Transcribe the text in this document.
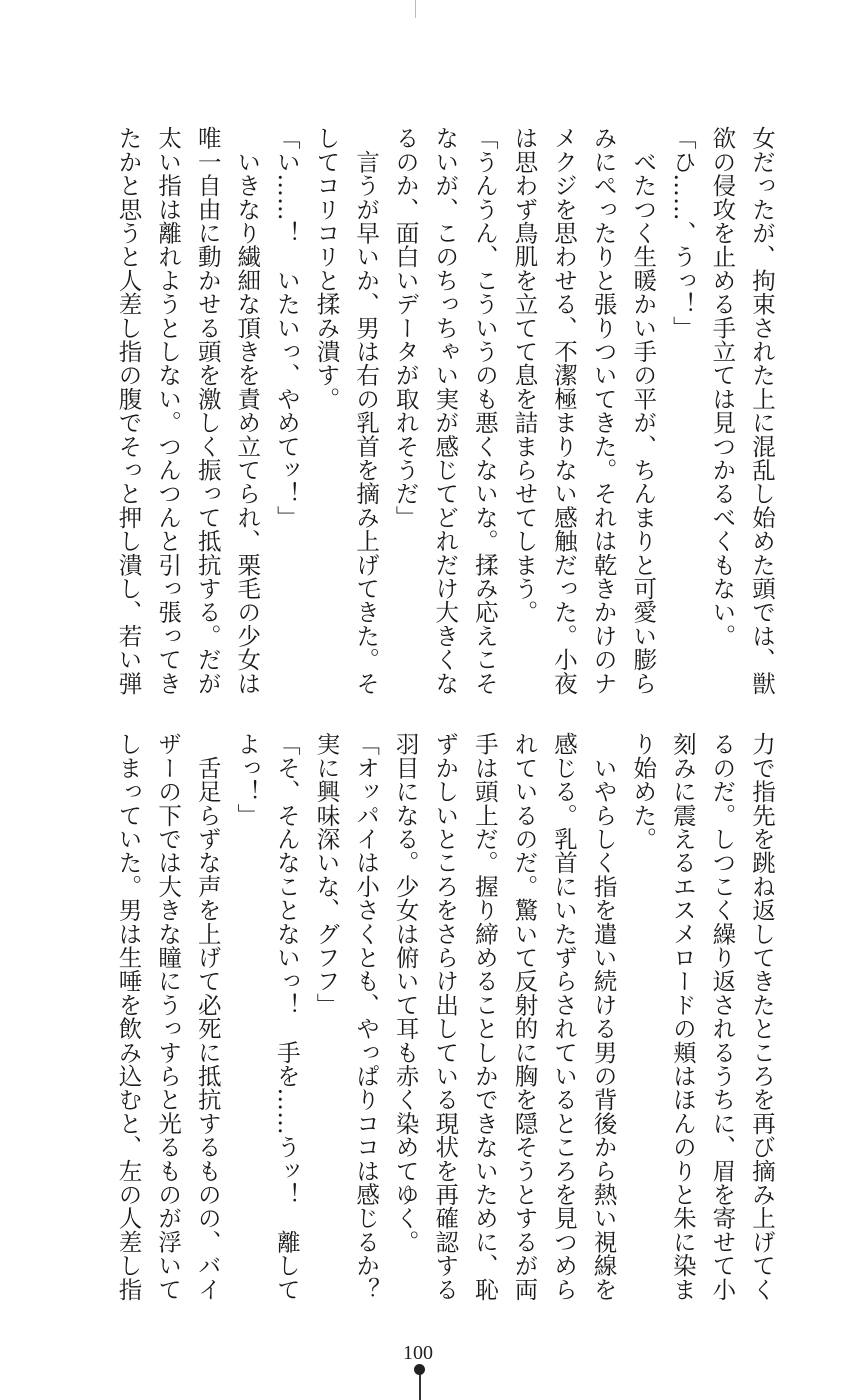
女だったが、拘束された上に混乱し始めた頭では、獣
欲の侵攻を止める手立ては見つかるべくもない。
「ひ……、うっ！」
　べたつく生暖かい手の平が、ちんまりと可愛い膨ら
みにぺったりと張りついてきた。それは乾きかけのナ
メクジを思わせる、不潔極まりない感触だった。小夜
は思わず鳥肌を立てて息を詰まらせてしまう。
「うんうん、こういうのも悪くないな。揉み応えこそ
ないが、このちっちゃい実が感じてどれだけ大きくな
るのか、面白いデータが取れそうだ」
　言うが早いか、男は右の乳首を摘み上げてきた。そ
してコリコリと揉み潰す。
「い……！　いたいっ、やめてッ！」
　いきなり繊細な頂きを責め立てられ、栗毛の少女は
唯一自由に動かせる頭を激しく振って抵抗する。だが
太い指は離れようとしない。つんつんと引っ張ってき
たかと思うと人差し指の腹でそっと押し潰し、若い弾
力で指先を跳ね返してきたところを再び摘み上げてく
るのだ。しつこく繰り返されるうちに、眉を寄せて小
刻みに震えるエスメロードの頬はほんのりと朱に染ま
り始めた。
　いやらしく指を遣い続ける男の背後から熱い視線を
感じる。乳首にいたずらされているところを見つめら
れているのだ。驚いて反射的に胸を隠そうとするが両
手は頭上だ。握り締めることしかできないために、恥
ずかしいところをさらけ出している現状を再確認する
羽目になる。少女は俯いて耳も赤く染めてゆく。
「オッパイは小さくとも、やっぱりココは感じるか？
実に興味深いな、グフフ」
「そ、そんなことないっ！　手を……うッ！　離して
よっ！」
　舌足らずな声を上げて必死に抵抗するものの、バイ
ザーの下では大きな瞳にうっすらと光るものが浮いて
しまっていた。男は生唾を飲み込むと、左の人差し指
100
